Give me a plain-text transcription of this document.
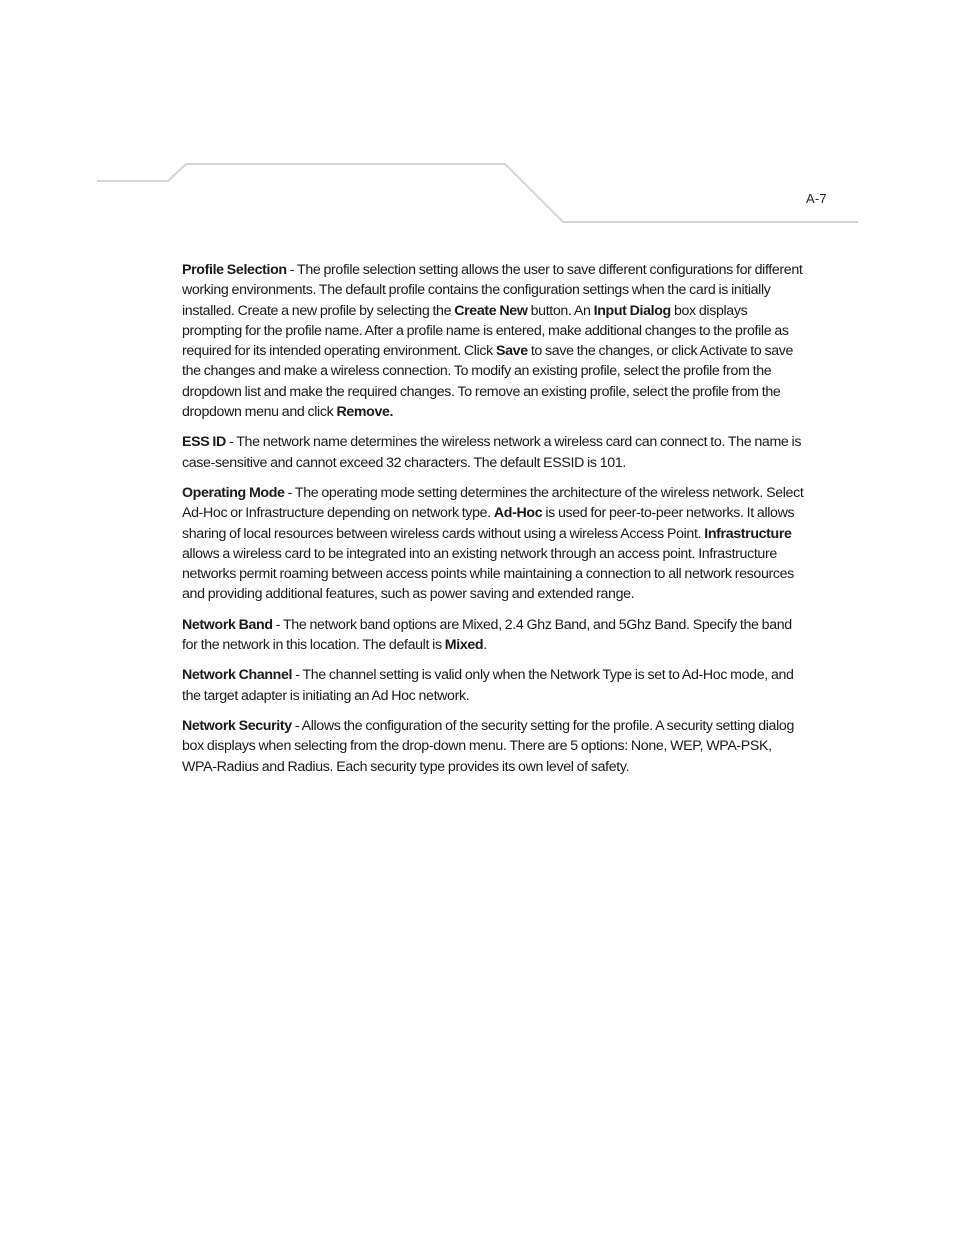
A-7

Profile Selection - The profile selection setting allows the user to save different configurations for different working environments. The default profile contains the configuration settings when the card is initially installed. Create a new profile by selecting the Create New button. An Input Dialog box displays prompting for the profile name. After a profile name is entered, make additional changes to the profile as required for its intended operating environment. Click Save to save the changes, or click Activate to save the changes and make a wireless connection. To modify an existing profile, select the profile from the dropdown list and make the required changes. To remove an existing profile, select the profile from the dropdown menu and click Remove.

ESS ID - The network name determines the wireless network a wireless card can connect to. The name is case-sensitive and cannot exceed 32 characters. The default ESSID is 101.

Operating Mode - The operating mode setting determines the architecture of the wireless network. Select Ad-Hoc or Infrastructure depending on network type. Ad-Hoc is used for peer-to-peer networks. It allows sharing of local resources between wireless cards without using a wireless Access Point. Infrastructure allows a wireless card to be integrated into an existing network through an access point. Infrastructure networks permit roaming between access points while maintaining a connection to all network resources and providing additional features, such as power saving and extended range.

Network Band - The network band options are Mixed, 2.4 Ghz Band, and 5Ghz Band. Specify the band for the network in this location. The default is Mixed.

Network Channel - The channel setting is valid only when the Network Type is set to Ad-Hoc mode, and the target adapter is initiating an Ad Hoc network.

Network Security - Allows the configuration of the security setting for the profile. A security setting dialog box displays when selecting from the drop-down menu. There are 5 options: None, WEP, WPA-PSK, WPA-Radius and Radius. Each security type provides its own level of safety.
